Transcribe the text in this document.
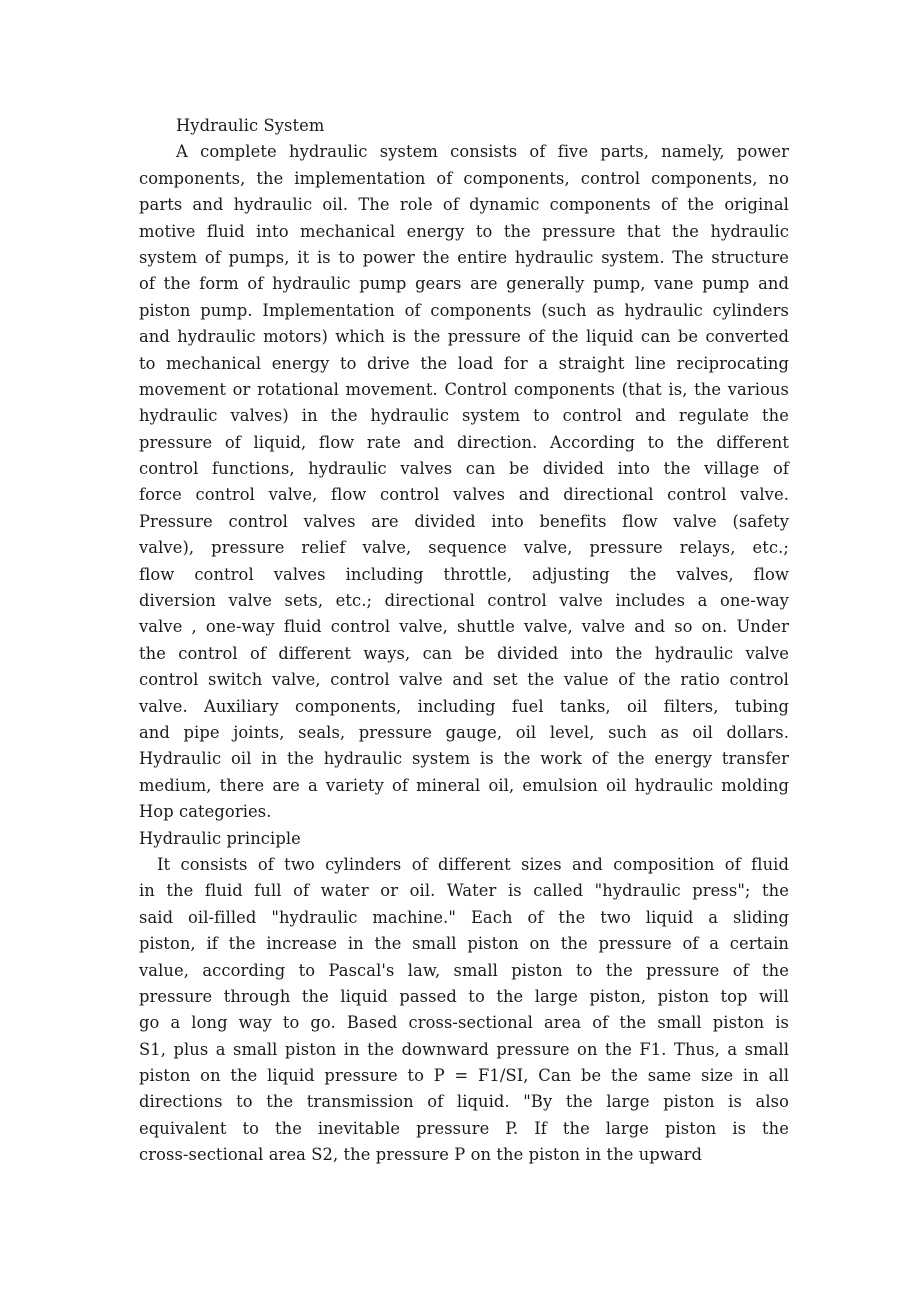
Hydraulic System
A complete hydraulic system consists of five parts, namely, power
components, the implementation of components, control components, no
parts and hydraulic oil. The role of dynamic components of the original
motive fluid into mechanical energy to the pressure that the hydraulic
system of pumps, it is to power the entire hydraulic system. The structure
of the form of hydraulic pump gears are generally pump, vane pump and
piston pump. Implementation of components (such as hydraulic cylinders
and hydraulic motors) which is the pressure of the liquid can be converted
to mechanical energy to drive the load for a straight line reciprocating
movement or rotational movement. Control components (that is, the various
hydraulic valves) in the hydraulic system to control and regulate the
pressure of liquid, flow rate and direction. According to the different
control functions, hydraulic valves can be divided into the village of
force control valve, flow control valves and directional control valve.
Pressure control valves are divided into benefits flow valve (safety
valve), pressure relief valve, sequence valve, pressure relays, etc.;
flow control valves including throttle, adjusting the valves, flow
diversion valve sets, etc.; directional control valve includes a one-way
valve , one-way fluid control valve, shuttle valve, valve and so on. Under
the control of different ways, can be divided into the hydraulic valve
control switch valve, control valve and set the value of the ratio control
valve. Auxiliary components, including fuel tanks, oil filters, tubing
and pipe joints, seals, pressure gauge, oil level, such as oil dollars.
Hydraulic oil in the hydraulic system is the work of the energy transfer
medium, there are a variety of mineral oil, emulsion oil hydraulic molding
Hop categories.
Hydraulic principle
It consists of two cylinders of different sizes and composition of fluid
in the fluid full of water or oil. Water is called "hydraulic press"; the
said oil-filled "hydraulic machine." Each of the two liquid a sliding
piston, if the increase in the small piston on the pressure of a certain
value, according to Pascal's law, small piston to the pressure of the
pressure through the liquid passed to the large piston, piston top will
go a long way to go. Based cross-sectional area of the small piston is
S1, plus a small piston in the downward pressure on the F1. Thus, a small
piston on the liquid pressure to P = F1/SI, Can be the same size in all
directions to the transmission of liquid. "By the large piston is also
equivalent to the inevitable pressure P. If the large piston is the
cross-sectional area S2, the pressure P on the piston in the upward
